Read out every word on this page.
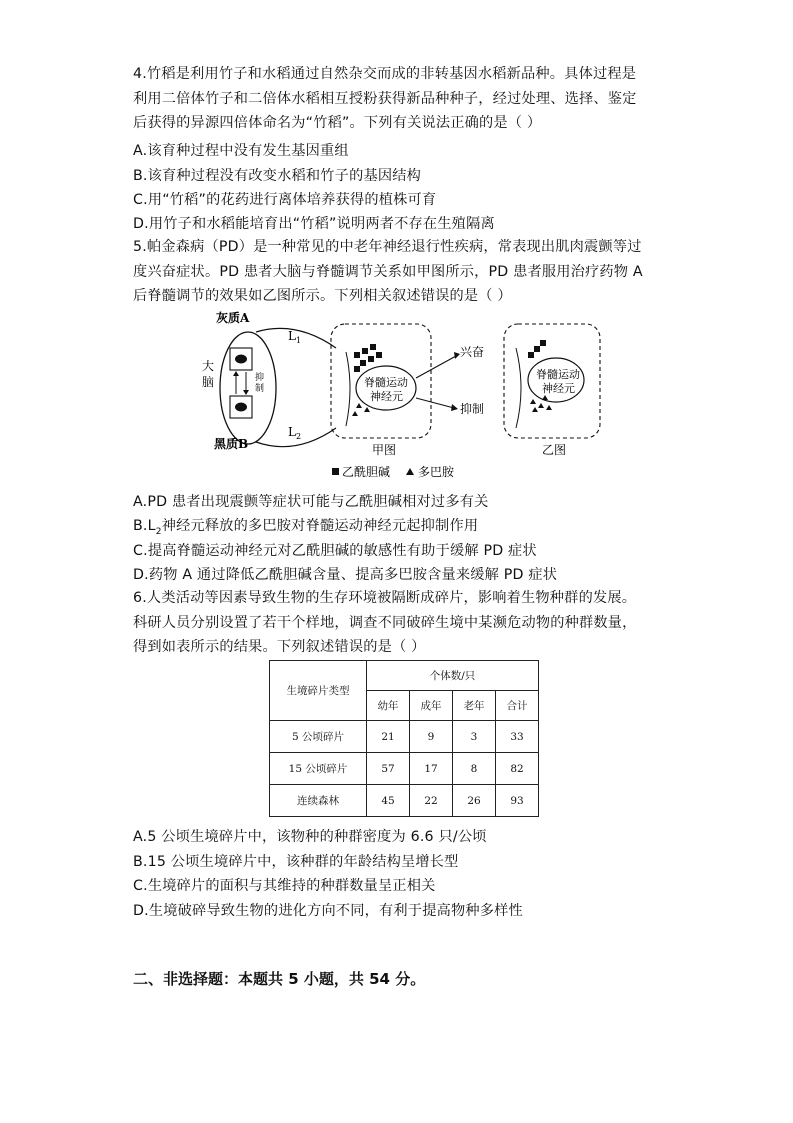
4.竹稻是利用竹子和水稻通过自然杂交而成的非转基因水稻新品种。具体过程是
利用二倍体竹子和二倍体水稻相互授粉获得新品种种子，经过处理、选择、鉴定
后获得的异源四倍体命名为“竹稻”。下列有关说法正确的是（ ）
A.该育种过程中没有发生基因重组
B.该育种过程没有改变水稻和竹子的基因结构
C.用“竹稻”的花药进行离体培养获得的植株可育
D.用竹子和水稻能培育出“竹稻”说明两者不存在生殖隔离
5.帕金森病（PD）是一种常见的中老年神经退行性疾病，常表现出肌肉震颤等过
度兴奋症状。PD 患者大脑与脊髓调节关系如甲图所示，PD 患者服用治疗药物 A
后脊髓调节的效果如乙图所示。下列相关叙述错误的是（ ）
灰质A
黑质B
大
脑	抑
制
$L_1$
$L_2$
脊髓运动
神经元
兴奋
抑制
甲图
脊髓运动
神经元
乙图
乙酰胆碱 多巴胺
A.PD 患者出现震颤等症状可能与乙酰胆碱相对过多有关
$B.L_2$神经元释放的多巴胺对脊髓运动神经元起抑制作用
C.提高脊髓运动神经元对乙酰胆碱的敏感性有助于缓解 PD 症状
D.药物 A 通过降低乙酰胆碱含量、提高多巴胺含量来缓解 PD 症状
6.人类活动等因素导致生物的生存环境被隔断成碎片，影响着生物种群的发展。
科研人员分别设置了若干个样地，调查不同破碎生境中某濒危动物的种群数量，
得到如表所示的结果。下列叙述错误的是（ ）
生境碎片类型	个体数/只			
	幼年	成年	老年	合计
5 公顷碎片	21	9	3	33
15 公顷碎片	57	17	8	82
连续森林	45	22	26	93
A.5 公顷生境碎片中，该物种的种群密度为 6.6 只/公顷
B.15 公顷生境碎片中，该种群的年龄结构呈增长型
C.生境碎片的面积与其维持的种群数量呈正相关
D.生境破碎导致生物的进化方向不同，有利于提高物种多样性
二、非选择题：本题共 5 小题，共 54 分。
